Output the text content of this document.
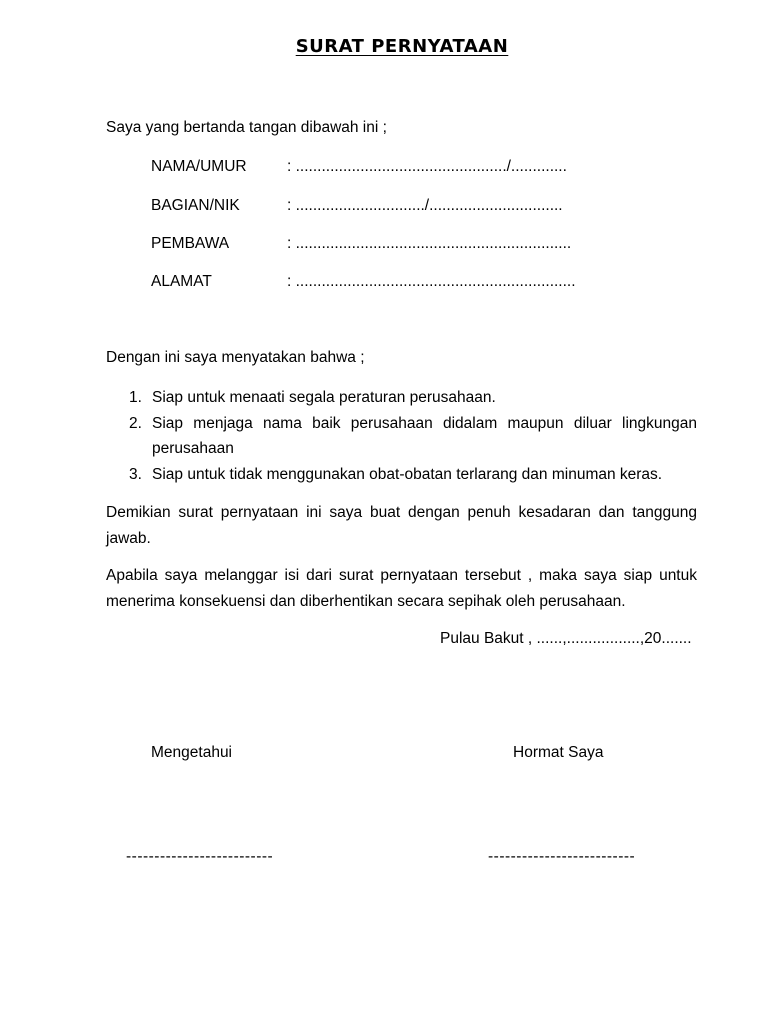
SURAT PERNYATAAN
Saya yang bertanda tangan dibawah ini ;
NAMA/UMUR	: ................................................./.............
BAGIAN/NIK	: ............................../...............................
PEMBAWA	: ................................................................
ALAMAT	: .................................................................
Dengan ini saya menyatakan bahwa ;
1. Siap untuk menaati segala peraturan perusahaan.
2. Siap menjaga nama baik perusahaan didalam maupun diluar lingkungan perusahaan
3. Siap untuk tidak menggunakan obat-obatan terlarang dan minuman keras.
Demikian surat pernyataan ini saya buat dengan penuh kesadaran dan tanggung jawab.
Apabila saya melanggar isi dari surat pernyataan tersebut , maka saya siap untuk menerima konsekuensi dan diberhentikan secara sepihak oleh perusahaan.
Pulau Bakut , ......,.................,20.......
Mengetahui	Hormat Saya
--------------------------	--------------------------
